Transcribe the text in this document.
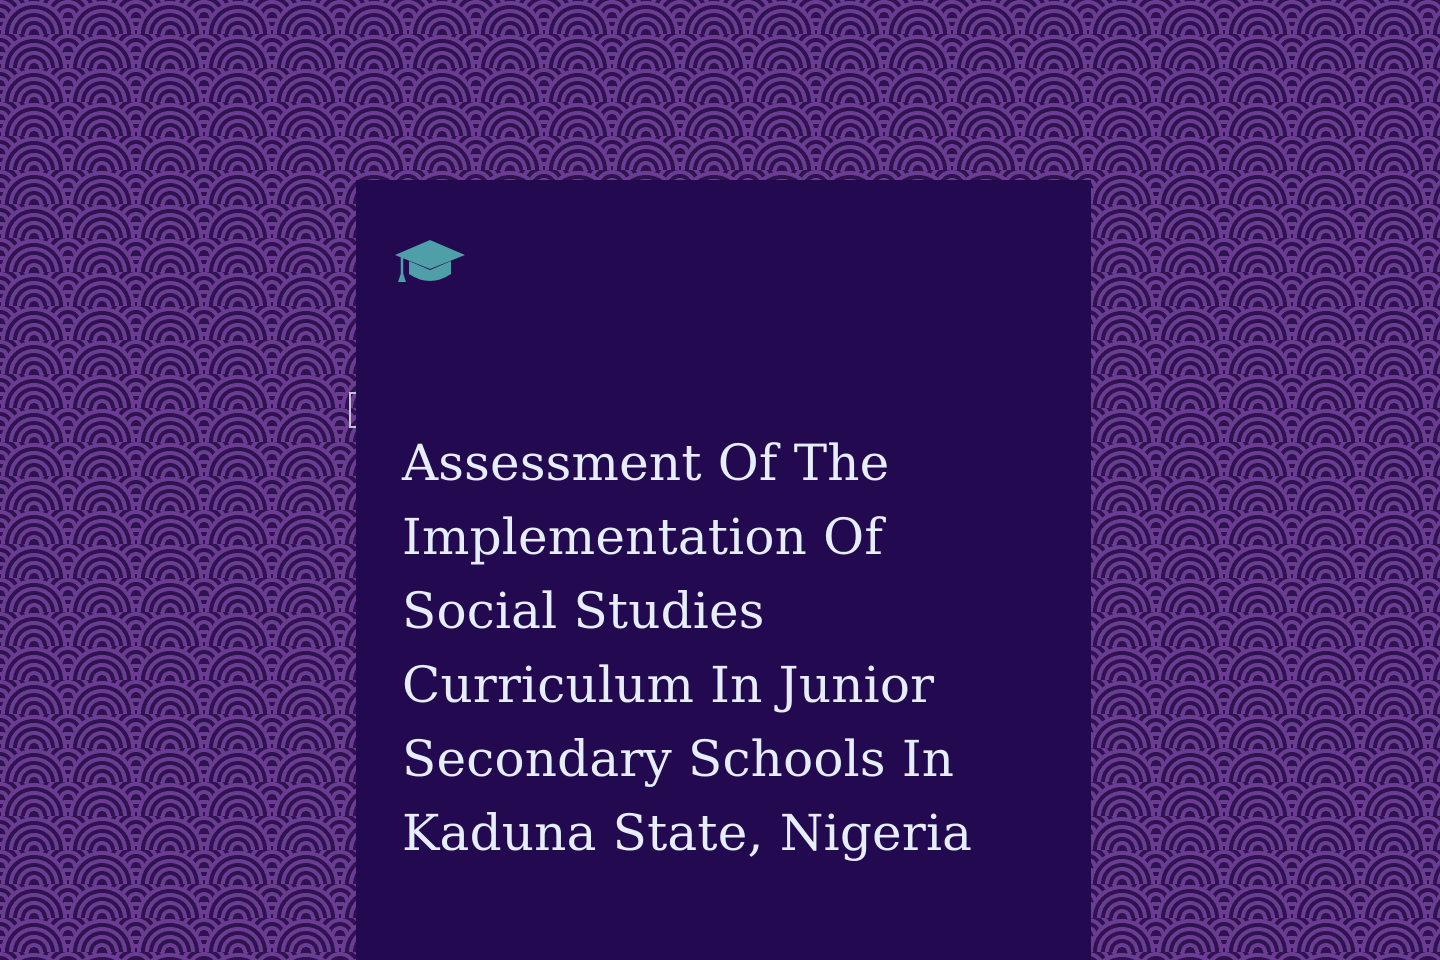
Assessment Of The Implementation Of Social Studies Curriculum In Junior Secondary Schools In Kaduna State, Nigeria
